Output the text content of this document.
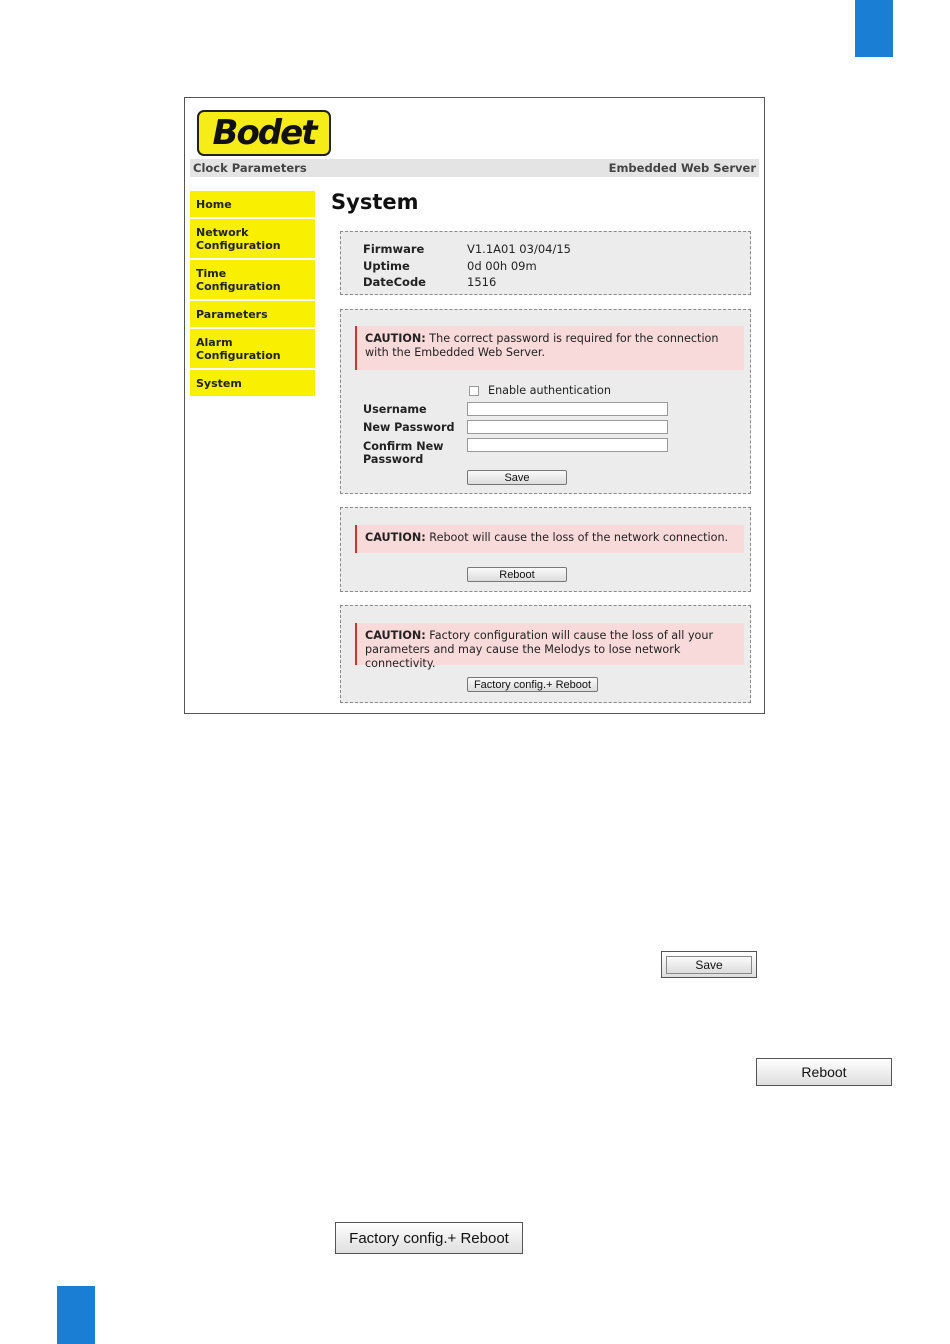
Bodet
Clock Parameters	Embedded Web Server
Home
Network Configuration
Time Configuration
Parameters
Alarm Configuration
System
System
Firmware	V1.1A01 03/04/15
Uptime	0d 00h 09m
DateCode	1516
CAUTION: The correct password is required for the connection with the Embedded Web Server.
Enable authentication
Username
New Password
Confirm New Password
Save
CAUTION: Reboot will cause the loss of the network connection.
Reboot
CAUTION: Factory configuration will cause the loss of all your parameters and may cause the Melodys to lose network connectivity.
Factory config.+ Reboot
Save
Reboot
Factory config.+ Reboot
